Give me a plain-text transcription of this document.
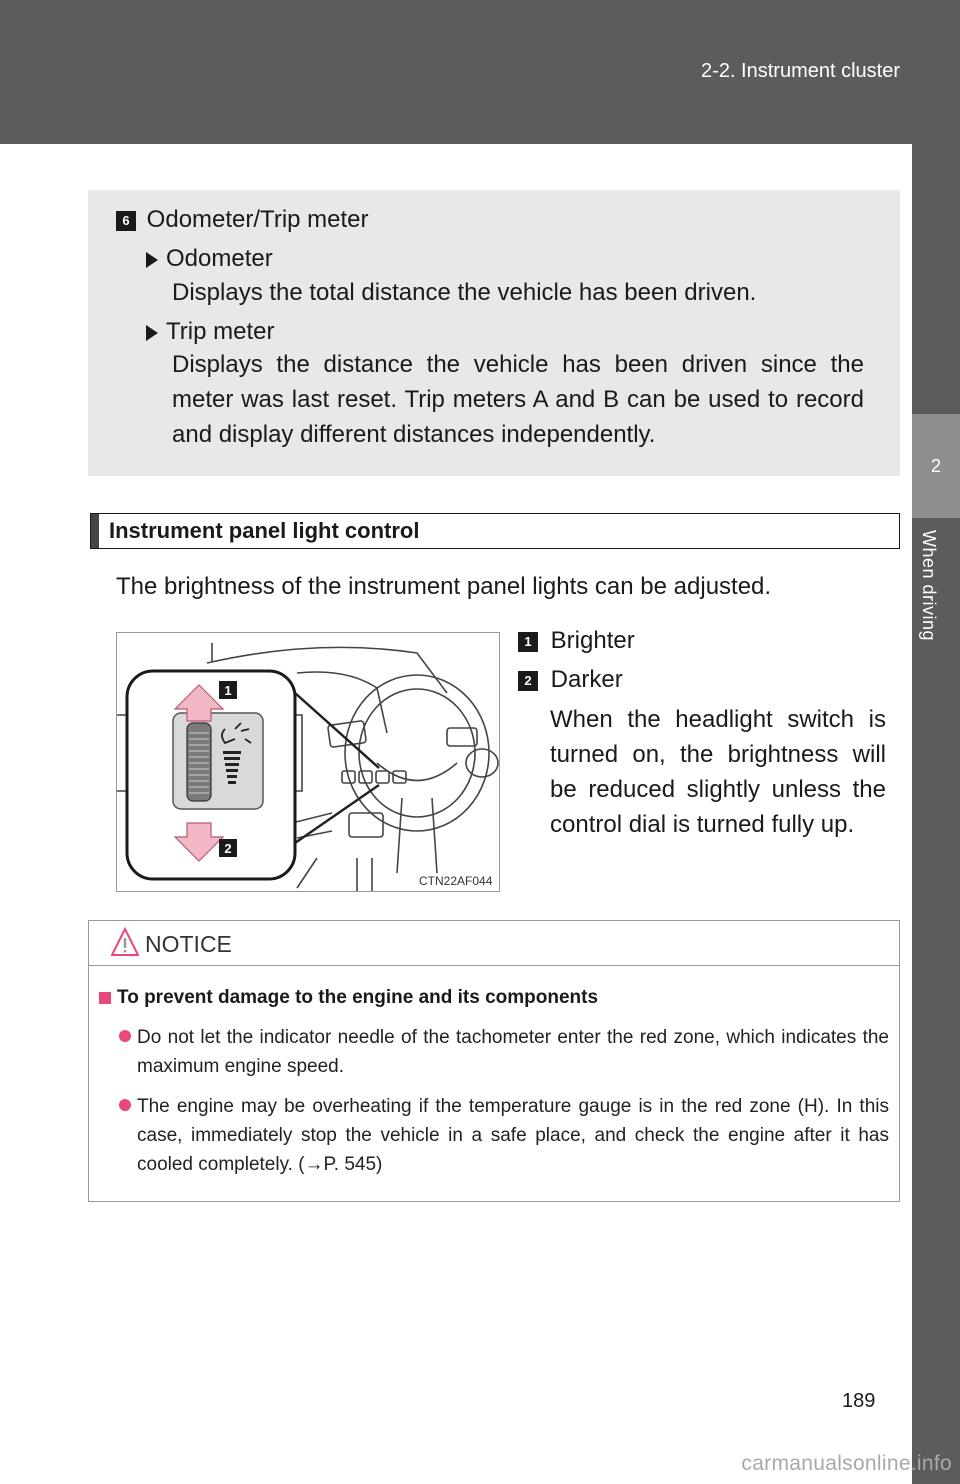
2-2. Instrument cluster
2
When driving
6 Odometer/Trip meter
Odometer
Displays the total distance the vehicle has been driven.
Trip meter
Displays the distance the vehicle has been driven since the meter was last reset. Trip meters A and B can be used to record and display different distances independently.
Instrument panel light control
The brightness of the instrument panel lights can be adjusted.
1 Brighter
2 Darker
When the headlight switch is turned on, the brightness will be reduced slightly unless the control dial is turned fully up.
1
2
CTN22AF044
NOTICE
To prevent damage to the engine and its components
Do not let the indicator needle of the tachometer enter the red zone, which indicates the maximum engine speed.
The engine may be overheating if the temperature gauge is in the red zone (H). In this case, immediately stop the vehicle in a safe place, and check the engine after it has cooled completely. (→P. 545)
189
carmanualsonline.info
